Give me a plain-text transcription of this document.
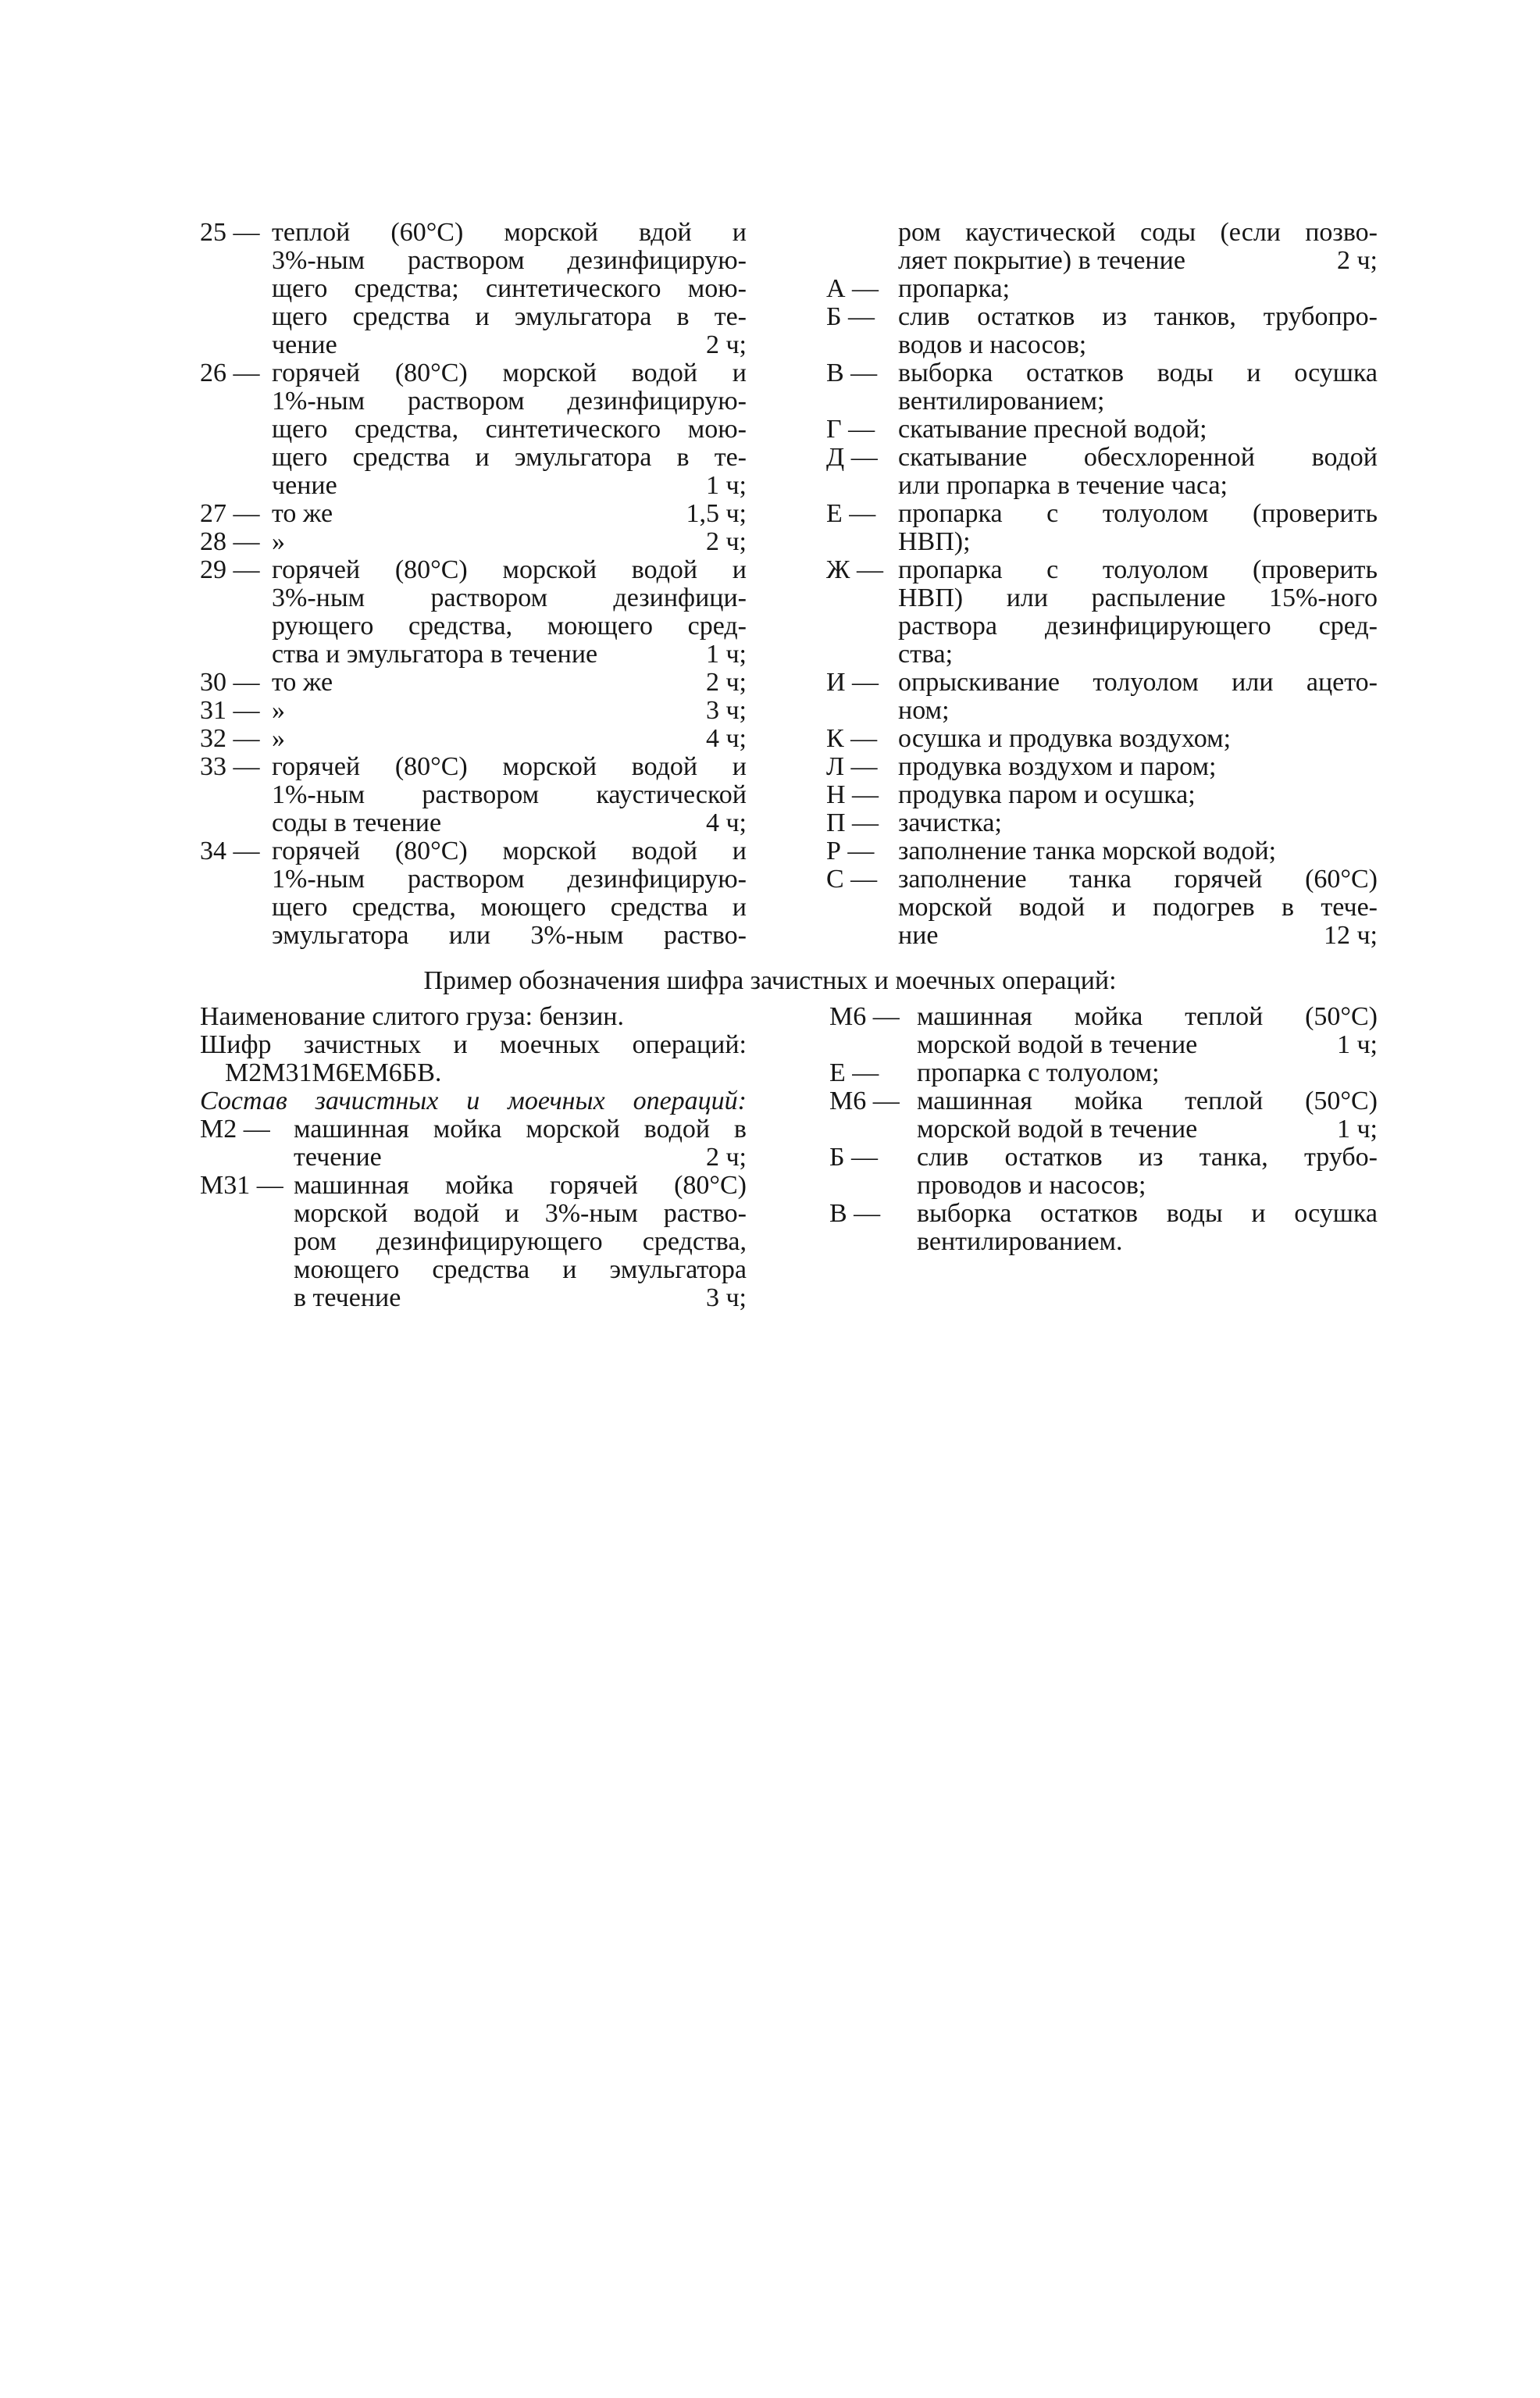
25 — теплой (60°С) морской вдой и
3%-ным раствором дезинфицирую-
щего средства; синтетического мою-
щего средства и эмульгатора в те-
чение	2 ч;
26 — горячей (80°С) морской водой и
1%-ным раствором дезинфицирую-
щего средства, синтетического мою-
щего средства и эмульгатора в те-
чение	1 ч;
27 — то же	1,5 ч;
28 — »	2 ч;
29 — горячей (80°С) морской водой и
3%-ным раствором дезинфици-
рующего средства, моющего сред-
ства и эмульгатора в течение	1 ч;
30 — то же	2 ч;
31 — »	3 ч;
32 — »	4 ч;
33 — горячей (80°С) морской водой и
1%-ным раствором каустической
соды в течение	4 ч;
34 — горячей (80°С) морской водой и
1%-ным раствором дезинфицирую-
щего средства, моющего средства и
эмульгатора или 3%-ным раство-
ром каустической соды (если позво-
ляет покрытие) в течение	2 ч;
А — пропарка;
Б — слив остатков из танков, трубопро-
водов и насосов;
В — выборка остатков воды и осушка
вентилированием;
Г — скатывание пресной водой;
Д — скатывание обесхлоренной водой
или пропарка в течение часа;
Е — пропарка с толуолом (проверить
НВП);
Ж — пропарка с толуолом (проверить
НВП) или распыление 15%-ного
раствора дезинфицирующего сред-
ства;
И — опрыскивание толуолом или ацето-
ном;
К — осушка и продувка воздухом;
Л — продувка воздухом и паром;
Н — продувка паром и осушка;
П — зачистка;
Р — заполнение танка морской водой;
С — заполнение танка горячей (60°С)
морской водой и подогрев в тече-
ние	12 ч;
Пример обозначения шифра зачистных и моечных операций:
Наименование слитого груза: бензин.
Шифр зачистных и моечных операций:
М2М31М6ЕМ6БВ.
Состав зачистных и моечных операций:
М2 — машинная мойка морской водой в
течение	2 ч;
М31 — машинная мойка горячей (80°С)
морской водой и 3%-ным раство-
ром дезинфицирующего средства,
моющего средства и эмульгатора
в течение	3 ч;
М6 — машинная мойка теплой (50°С)
морской водой в течение	1 ч;
Е —	пропарка с толуолом;
М6 — машинная мойка теплой (50°С)
морской водой в течение	1 ч;
Б —	слив остатков из танка, трубо-
проводов и насосов;
В —	выборка остатков воды и осушка
вентилированием.
